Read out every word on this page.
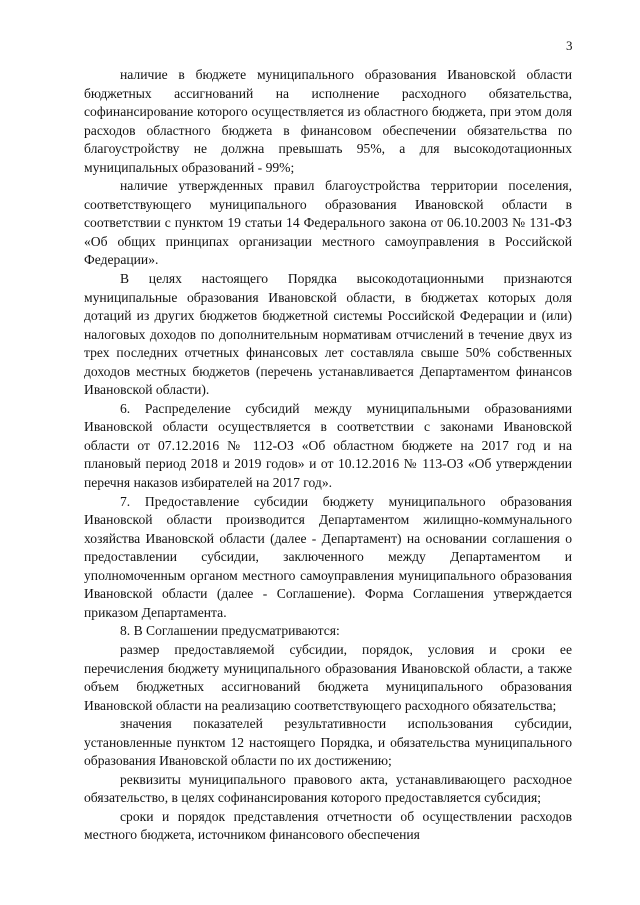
3

наличие в бюджете муниципального образования Ивановской области бюджетных ассигнований на исполнение расходного обязательства, софинансирование которого осуществляется из областного бюджета, при этом доля расходов областного бюджета в финансовом обеспечении обязательства по благоустройству не должна превышать 95%, а для высокодотационных муниципальных образований - 99%;

наличие утвержденных правил благоустройства территории поселения, соответствующего муниципального образования Ивановской области в соответствии с пунктом 19 статьи 14 Федерального закона от 06.10.2003 № 131-ФЗ «Об общих принципах организации местного самоуправления в Российской Федерации».

В целях настоящего Порядка высокодотационными признаются муниципальные образования Ивановской области, в бюджетах которых доля дотаций из других бюджетов бюджетной системы Российской Федерации и (или) налоговых доходов по дополнительным нормативам отчислений в течение двух из трех последних отчетных финансовых лет составляла свыше 50% собственных доходов местных бюджетов (перечень устанавливается Департаментом финансов Ивановской области).

6. Распределение субсидий между муниципальными образованиями Ивановской области осуществляется в соответствии с законами Ивановской области от 07.12.2016 № 112-ОЗ «Об областном бюджете на 2017 год и на плановый период 2018 и 2019 годов» и от 10.12.2016 № 113-ОЗ «Об утверждении перечня наказов избирателей на 2017 год».

7. Предоставление субсидии бюджету муниципального образования Ивановской области производится Департаментом жилищно-коммунального хозяйства Ивановской области (далее - Департамент) на основании соглашения о предоставлении субсидии, заключенного между Департаментом и уполномоченным органом местного самоуправления муниципального образования Ивановской области (далее - Соглашение). Форма Соглашения утверждается приказом Департамента.

8. В Соглашении предусматриваются:

размер предоставляемой субсидии, порядок, условия и сроки ее перечисления бюджету муниципального образования Ивановской области, а также объем бюджетных ассигнований бюджета муниципального образования Ивановской области на реализацию соответствующего расходного обязательства;

значения показателей результативности использования субсидии, установленные пунктом 12 настоящего Порядка, и обязательства муниципального образования Ивановской области по их достижению;

реквизиты муниципального правового акта, устанавливающего расходное обязательство, в целях софинансирования которого предоставляется субсидия;

сроки и порядок представления отчетности об осуществлении расходов местного бюджета, источником финансового обеспечения
